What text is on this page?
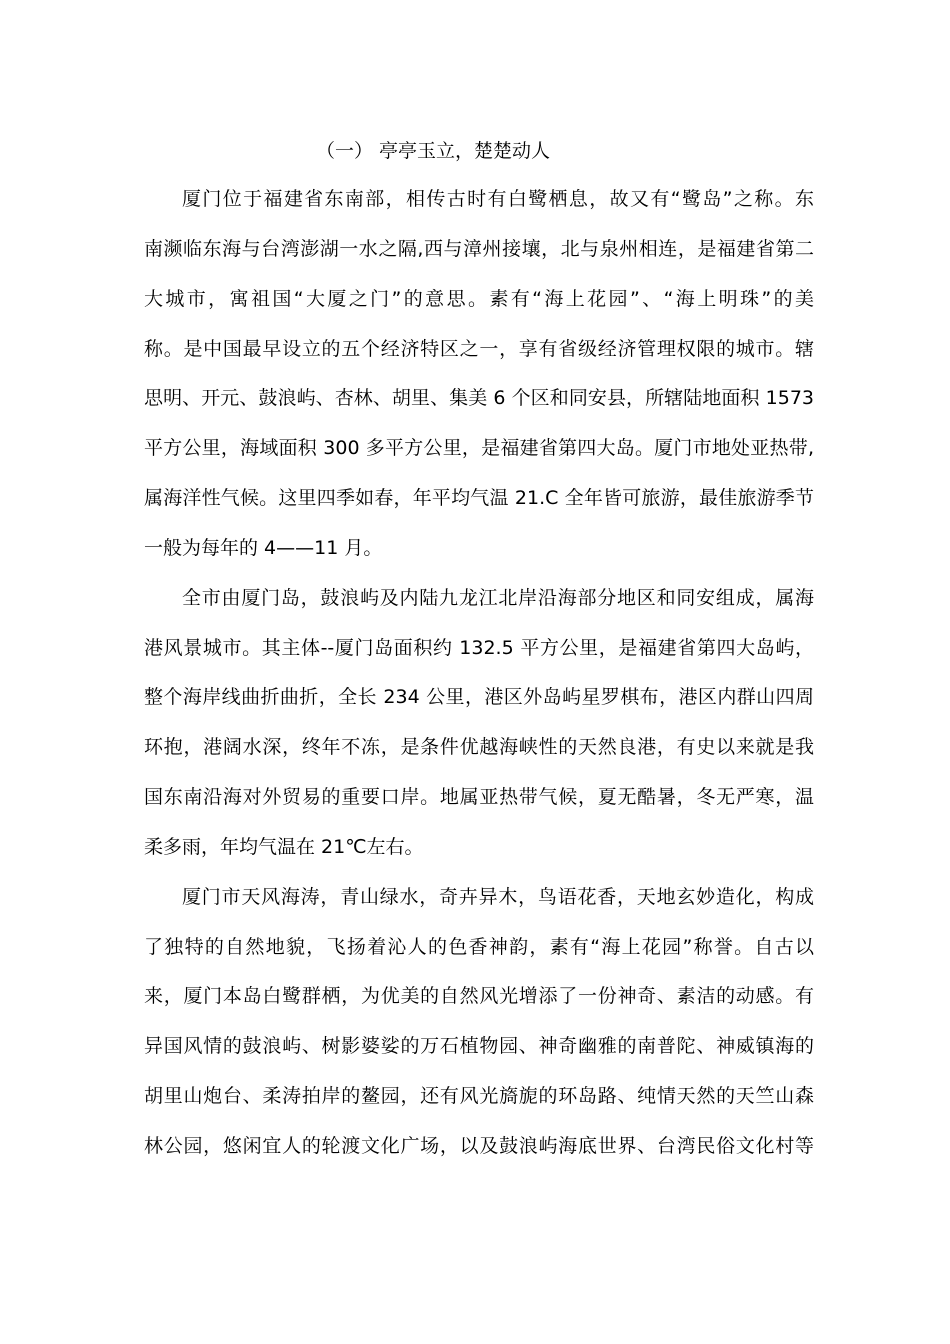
（一） 亭亭玉立，楚楚动人
厦门位于福建省东南部，相传古时有白鹭栖息，故又有“鹭岛”之称。东
南濒临东海与台湾澎湖一水之隔,西与漳州接壤，北与泉州相连，是福建省第二
大城市，寓祖国“大厦之门”的意思。素有“海上花园”、“海上明珠”的美
称。是中国最早设立的五个经济特区之一，享有省级经济管理权限的城市。辖
思明、开元、鼓浪屿、杏林、胡里、集美 6 个区和同安县，所辖陆地面积 1573
平方公里，海域面积 300 多平方公里，是福建省第四大岛。厦门市地处亚热带,
属海洋性气候。这里四季如春，年平均气温 21.C 全年皆可旅游，最佳旅游季节
一般为每年的 4——11 月。
全市由厦门岛，鼓浪屿及内陆九龙江北岸沿海部分地区和同安组成，属海
港风景城市。其主体--厦门岛面积约 132.5 平方公里，是福建省第四大岛屿，
整个海岸线曲折曲折，全长 234 公里，港区外岛屿星罗棋布，港区内群山四周
环抱，港阔水深，终年不冻，是条件优越海峡性的天然良港，有史以来就是我
国东南沿海对外贸易的重要口岸。地属亚热带气候，夏无酷暑，冬无严寒，温
柔多雨，年均气温在 21℃左右。
厦门市天风海涛，青山绿水，奇卉异木，鸟语花香，天地玄妙造化，构成
了独特的自然地貌，飞扬着沁人的色香神韵，素有“海上花园”称誉。自古以
来，厦门本岛白鹭群栖，为优美的自然风光增添了一份神奇、素洁的动感。有
异国风情的鼓浪屿、树影婆娑的万石植物园、神奇幽雅的南普陀、神威镇海的
胡里山炮台、柔涛拍岸的鳌园，还有风光旖旎的环岛路、纯情天然的天竺山森
林公园，悠闲宜人的轮渡文化广场，以及鼓浪屿海底世界、台湾民俗文化村等
